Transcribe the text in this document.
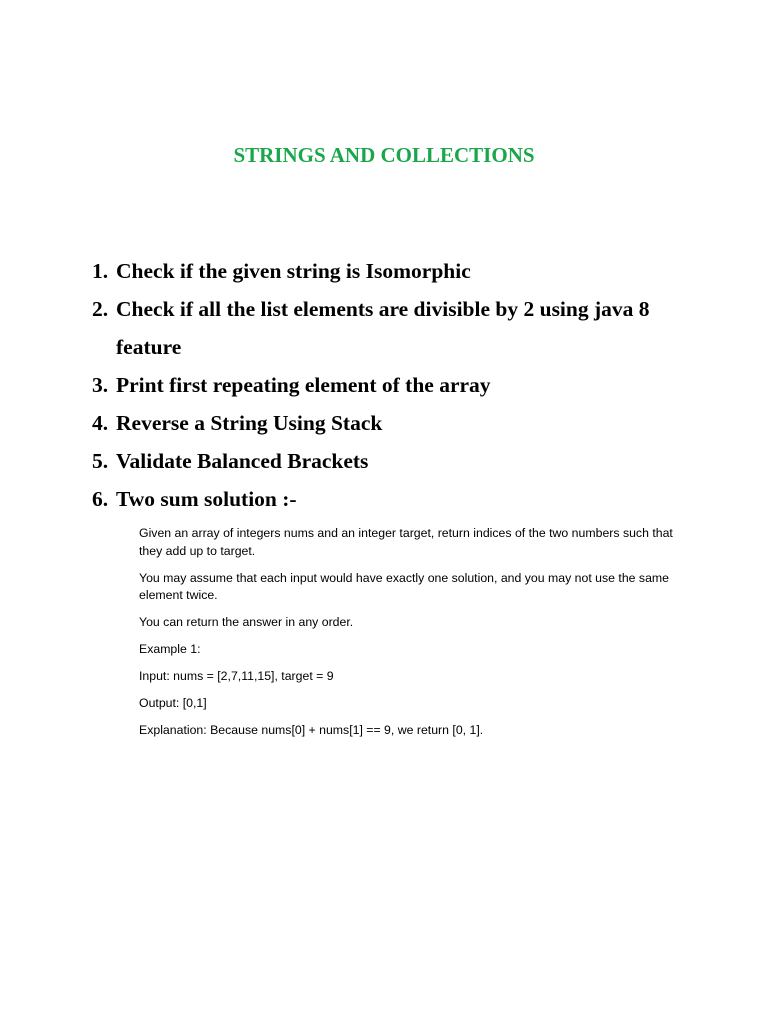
STRINGS AND COLLECTIONS
1. Check if the given string is Isomorphic
2. Check if all the list elements are divisible by 2 using java 8 feature
3. Print first repeating element of the array
4. Reverse a String Using Stack
5. Validate Balanced Brackets
6. Two sum solution :-

Given an array of integers nums and an integer target, return indices of the two numbers such that they add up to target.

You may assume that each input would have exactly one solution, and you may not use the same element twice.

You can return the answer in any order.

Example 1:

Input: nums = [2,7,11,15], target = 9

Output: [0,1]

Explanation: Because nums[0] + nums[1] == 9, we return [0, 1].
